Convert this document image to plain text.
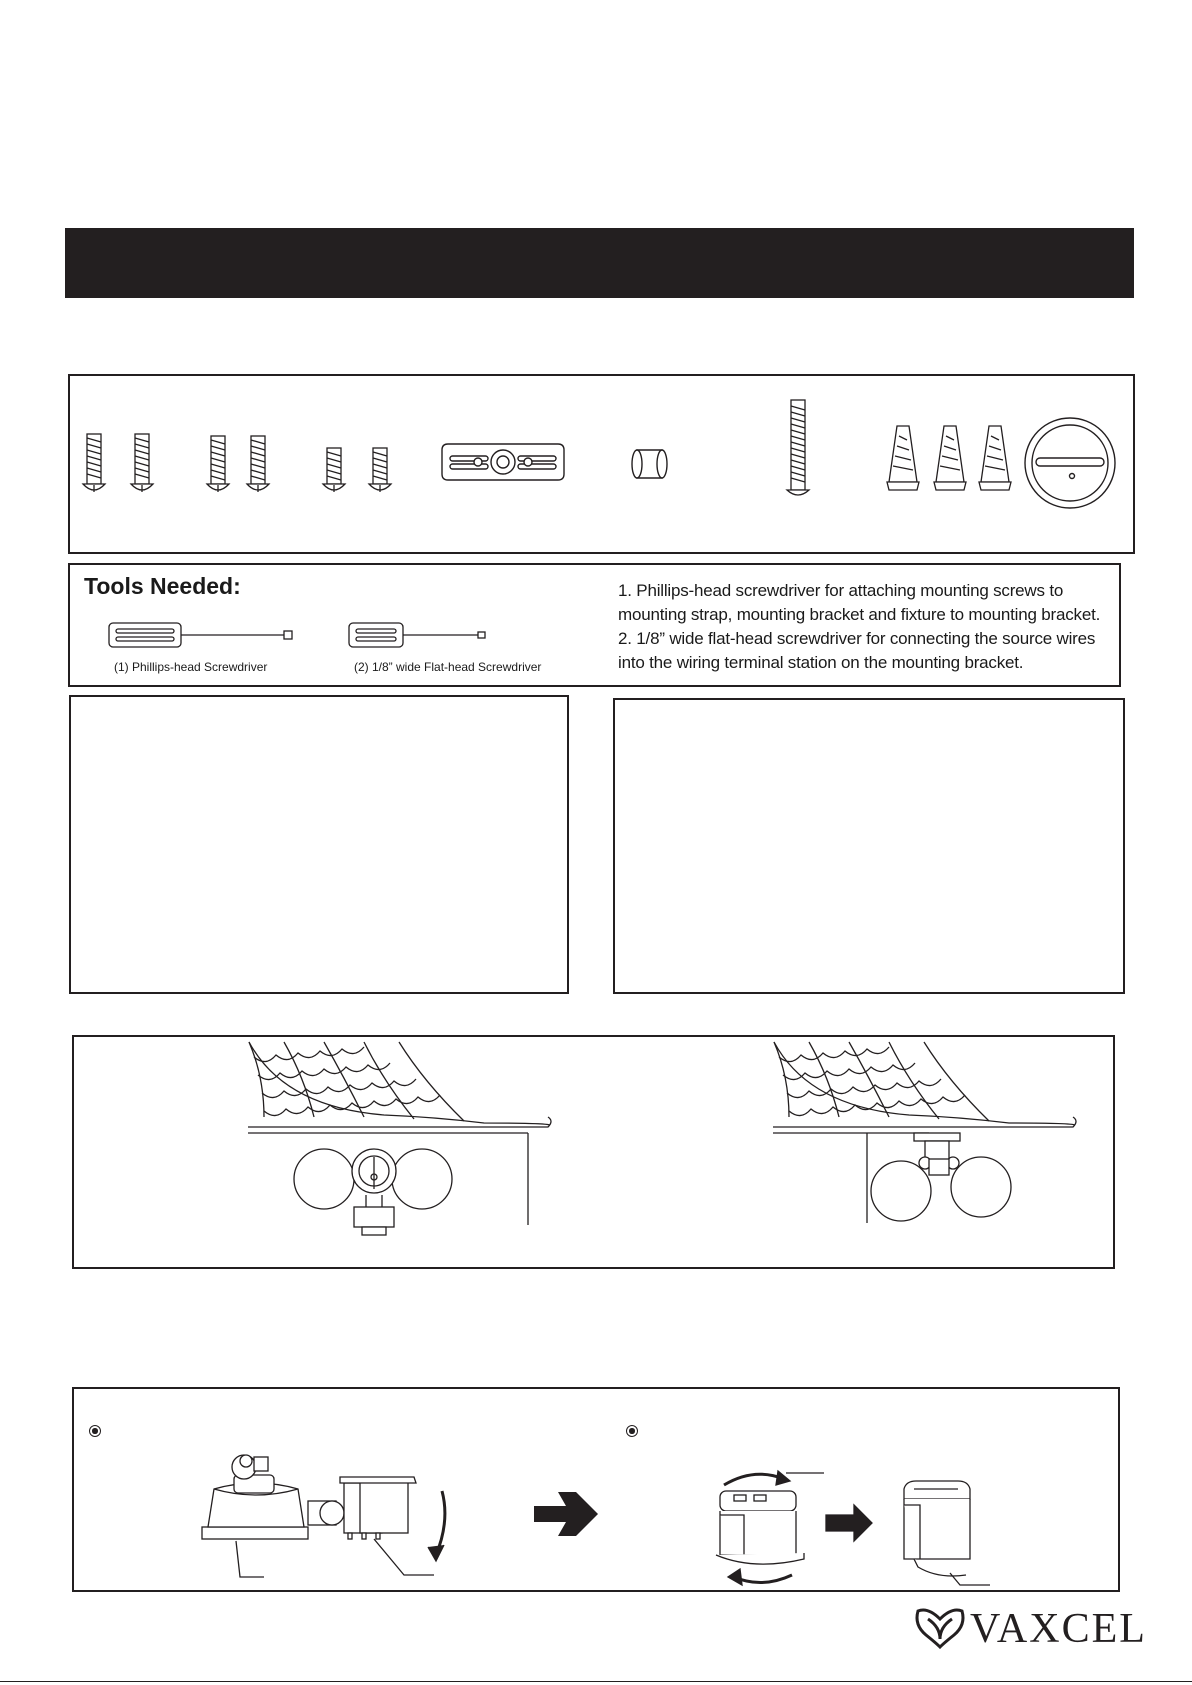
Tools Needed:
(1) Phillips-head Screwdriver	(2) 1/8” wide Flat-head Screwdriver
1. Phillips-head screwdriver for attaching mounting screws to
mounting strap, mounting bracket and fixture to mounting bracket.
2. 1/8” wide flat-head screwdriver for connecting the source wires
into the wiring terminal station on the mounting bracket.
VAXCEL
